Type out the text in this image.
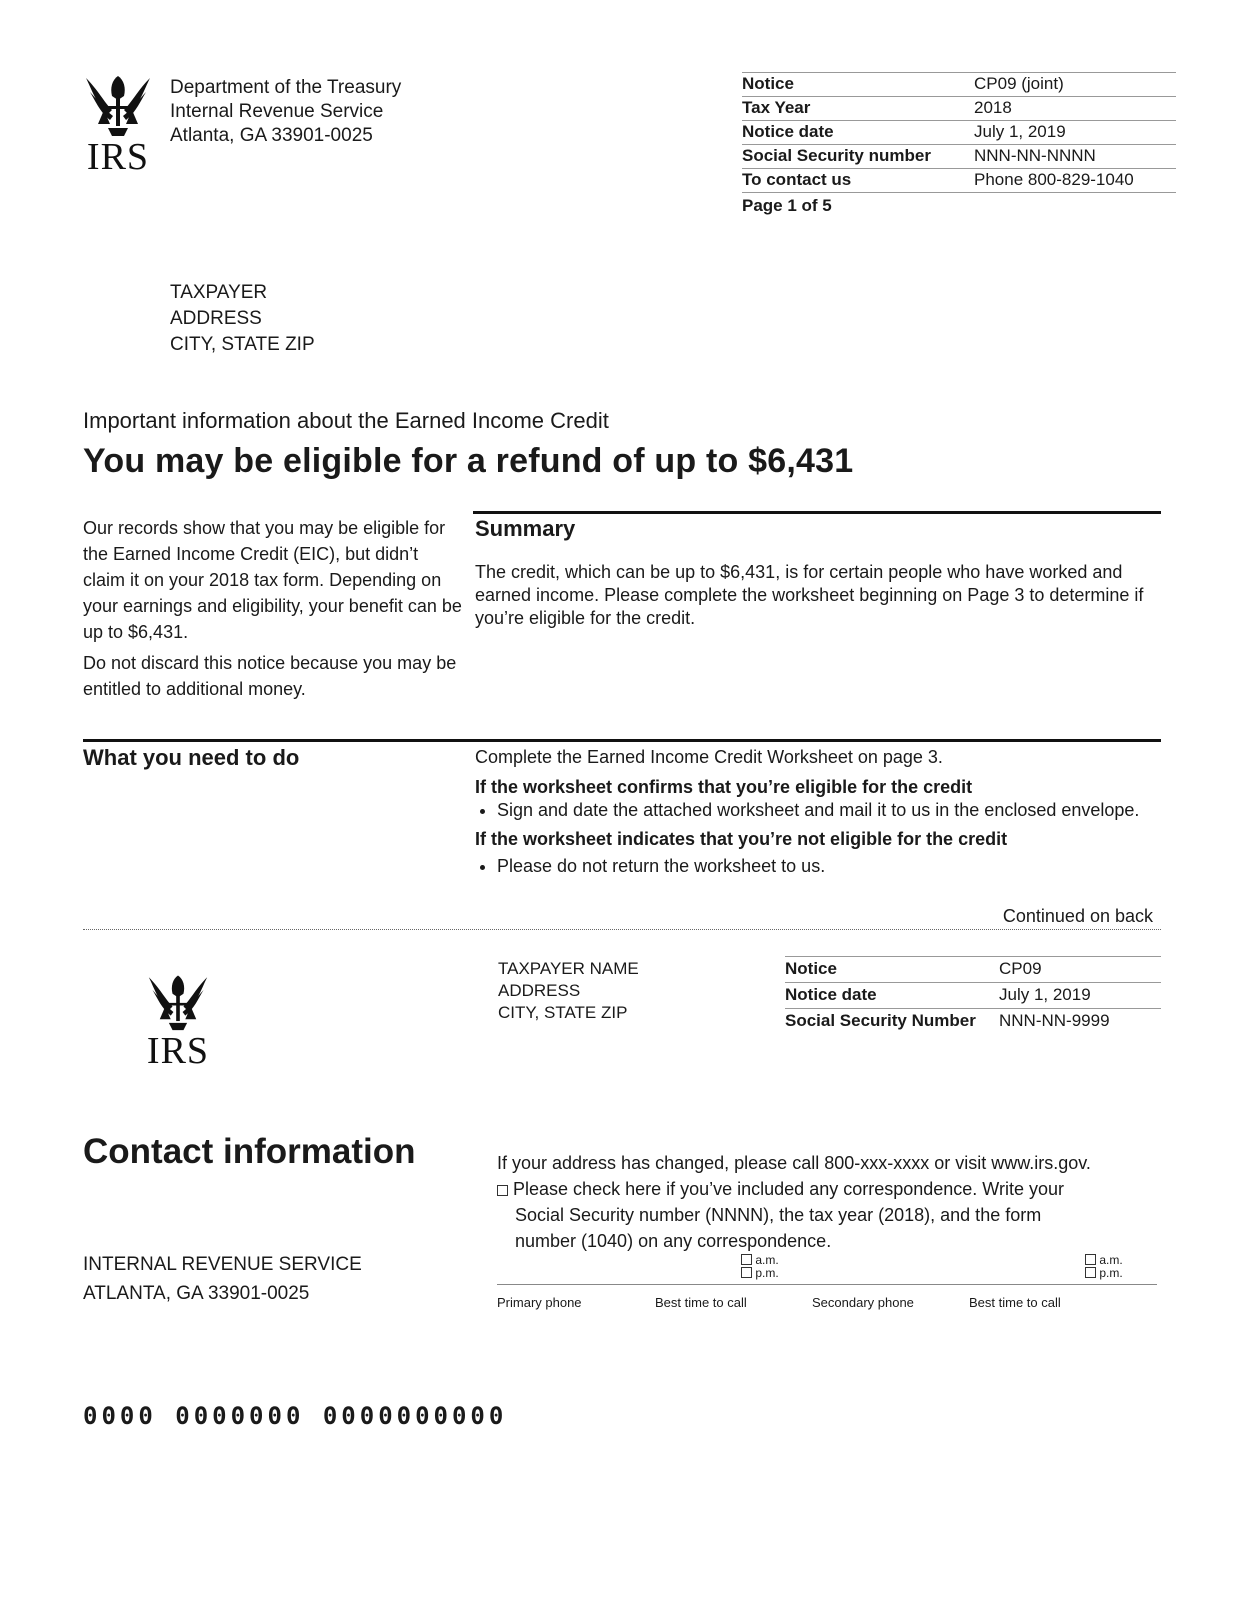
IRS
Department of the Treasury
Internal Revenue Service
Atlanta, GA 33901-0025
Notice	CP09 (joint)
Tax Year	2018
Notice date	July 1, 2019
Social Security number	NNN-NN-NNNN
To contact us	Phone 800-829-1040
Page 1 of 5	
TAXPAYER
ADDRESS
CITY, STATE ZIP
Important information about the Earned Income Credit
You may be eligible for a refund of up to $6,431

Our records show that you may be eligible for the Earned Income Credit (EIC), but didn’t claim it on your 2018 tax form. Depending on your earnings and eligibility, your benefit can be up to $6,431.

Do not discard this notice because you may be entitled to additional money.

Summary
The credit, which can be up to $6,431, is for certain people who have worked and earned income. Please complete the worksheet beginning on Page 3 to determine if you’re eligible for the credit.
What you need to do	Complete the Earned Income Credit Worksheet on page 3.
If the worksheet confirms that you’re eligible for the credit
• Sign and date the attached worksheet and mail it to us in the enclosed envelope.
If the worksheet indicates that you’re not eligible for the credit
• Please do not return the worksheet to us.
Continued on back
IRS
TAXPAYER NAME
ADDRESS
CITY, STATE ZIP
Notice	CP09
Notice date	July 1, 2019
Social Security Number	NNN-NN-9999
Contact information	If your address has changed, please call 800-xxx-xxxx or visit www.irs.gov.
Please check here if you’ve included any correspondence. Write your
Social Security number (NNNN), the tax year (2018), and the form
number (1040) on any correspondence.
a.m.
p.m.
a.m.
p.m.
Primary phone	Best time to call	Secondary phone	Best time to call
INTERNAL REVENUE SERVICE
ATLANTA, GA 33901-0025
0000 0000000 0000000000
